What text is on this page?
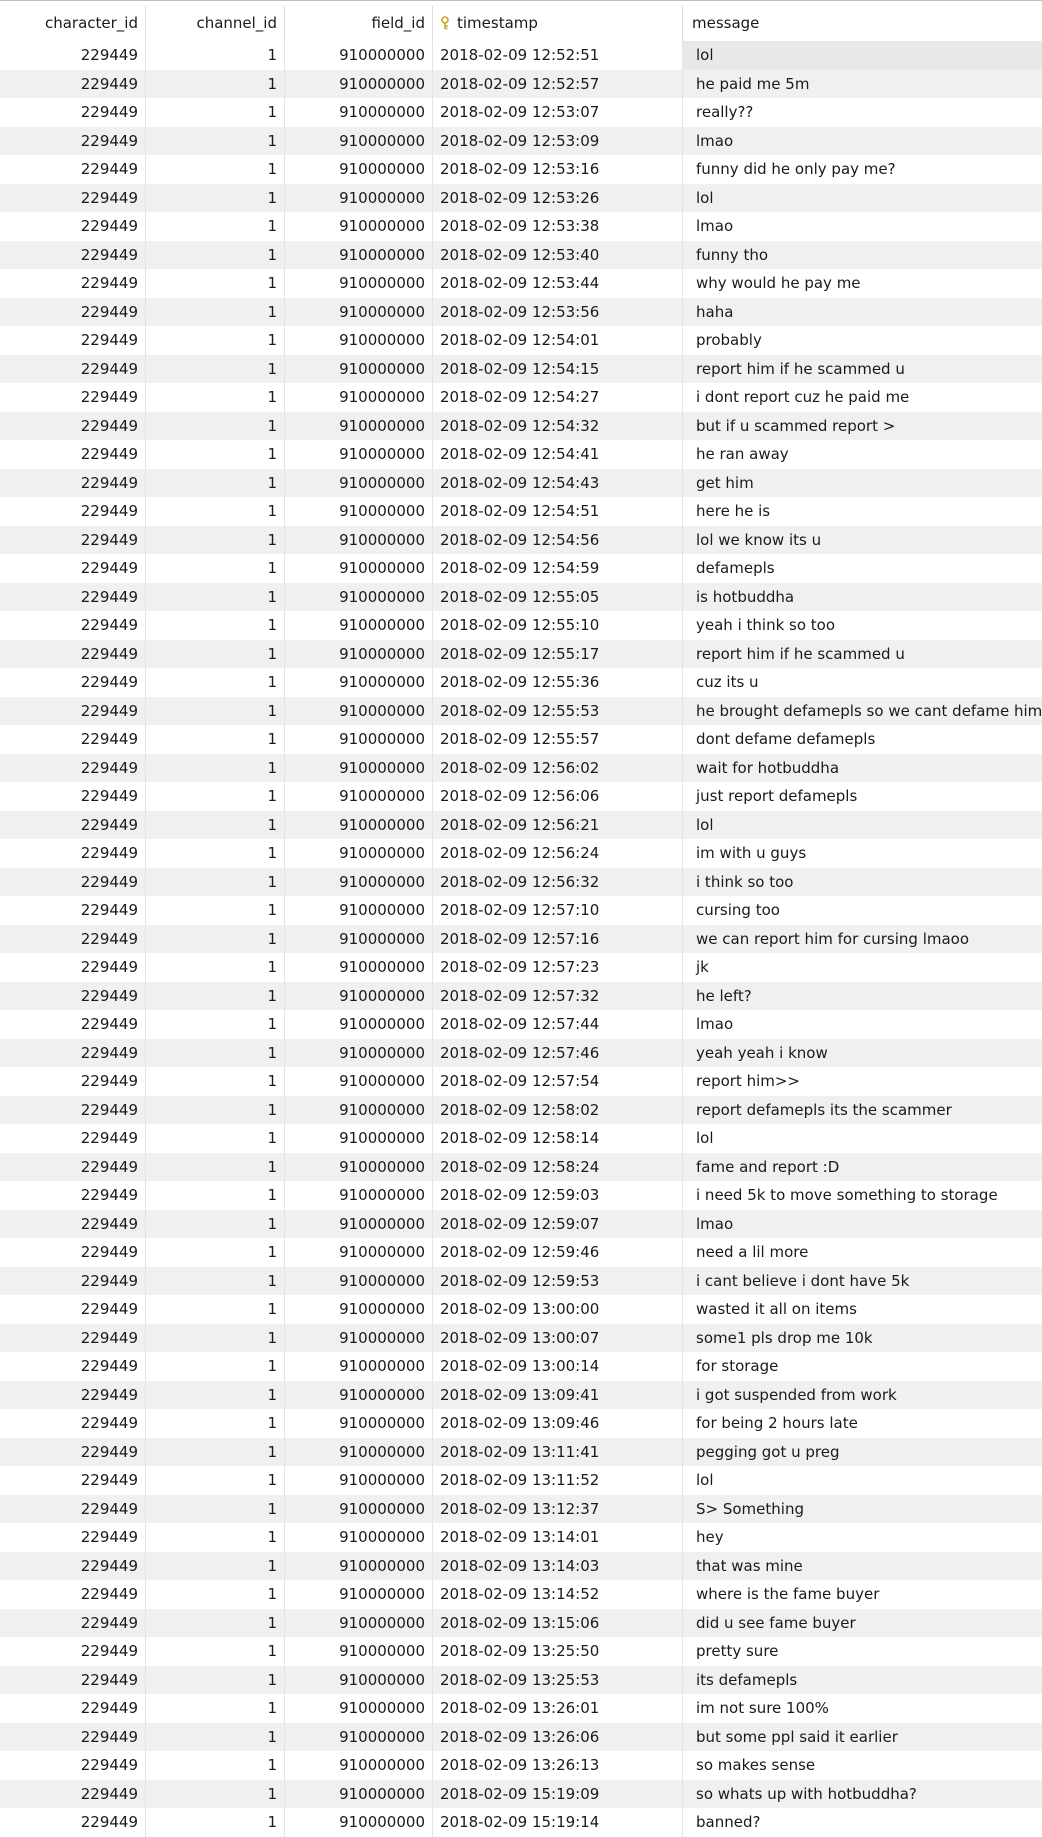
character_id	channel_id	field_id	timestamp	message
229449	1	910000000	2018-02-09 12:52:51	lol
229449	1	910000000	2018-02-09 12:52:57	he paid me 5m
229449	1	910000000	2018-02-09 12:53:07	really??
229449	1	910000000	2018-02-09 12:53:09	lmao
229449	1	910000000	2018-02-09 12:53:16	funny did he only pay me?
229449	1	910000000	2018-02-09 12:53:26	lol
229449	1	910000000	2018-02-09 12:53:38	lmao
229449	1	910000000	2018-02-09 12:53:40	funny tho
229449	1	910000000	2018-02-09 12:53:44	why would he pay me
229449	1	910000000	2018-02-09 12:53:56	haha
229449	1	910000000	2018-02-09 12:54:01	probably
229449	1	910000000	2018-02-09 12:54:15	report him if he scammed u
229449	1	910000000	2018-02-09 12:54:27	i dont report cuz he paid me
229449	1	910000000	2018-02-09 12:54:32	but if u scammed report >
229449	1	910000000	2018-02-09 12:54:41	he ran away
229449	1	910000000	2018-02-09 12:54:43	get him
229449	1	910000000	2018-02-09 12:54:51	here he is
229449	1	910000000	2018-02-09 12:54:56	lol we know its u
229449	1	910000000	2018-02-09 12:54:59	defamepls
229449	1	910000000	2018-02-09 12:55:05	is hotbuddha
229449	1	910000000	2018-02-09 12:55:10	yeah i think so too
229449	1	910000000	2018-02-09 12:55:17	report him if he scammed u
229449	1	910000000	2018-02-09 12:55:36	cuz its u
229449	1	910000000	2018-02-09 12:55:53	he brought defamepls so we cant defame him
229449	1	910000000	2018-02-09 12:55:57	dont defame defamepls
229449	1	910000000	2018-02-09 12:56:02	wait for hotbuddha
229449	1	910000000	2018-02-09 12:56:06	just report defamepls
229449	1	910000000	2018-02-09 12:56:21	lol
229449	1	910000000	2018-02-09 12:56:24	im with u guys
229449	1	910000000	2018-02-09 12:56:32	i think so too
229449	1	910000000	2018-02-09 12:57:10	cursing too
229449	1	910000000	2018-02-09 12:57:16	we can report him for cursing lmaoo
229449	1	910000000	2018-02-09 12:57:23	jk
229449	1	910000000	2018-02-09 12:57:32	he left?
229449	1	910000000	2018-02-09 12:57:44	lmao
229449	1	910000000	2018-02-09 12:57:46	yeah yeah i know
229449	1	910000000	2018-02-09 12:57:54	report him>>
229449	1	910000000	2018-02-09 12:58:02	report defamepls its the scammer
229449	1	910000000	2018-02-09 12:58:14	lol
229449	1	910000000	2018-02-09 12:58:24	fame and report :D
229449	1	910000000	2018-02-09 12:59:03	i need 5k to move something to storage
229449	1	910000000	2018-02-09 12:59:07	lmao
229449	1	910000000	2018-02-09 12:59:46	need a lil more
229449	1	910000000	2018-02-09 12:59:53	i cant believe i dont have 5k
229449	1	910000000	2018-02-09 13:00:00	wasted it all on items
229449	1	910000000	2018-02-09 13:00:07	some1 pls drop me 10k
229449	1	910000000	2018-02-09 13:00:14	for storage
229449	1	910000000	2018-02-09 13:09:41	i got suspended from work
229449	1	910000000	2018-02-09 13:09:46	for being 2 hours late
229449	1	910000000	2018-02-09 13:11:41	pegging got u preg
229449	1	910000000	2018-02-09 13:11:52	lol
229449	1	910000000	2018-02-09 13:12:37	S> Something
229449	1	910000000	2018-02-09 13:14:01	hey
229449	1	910000000	2018-02-09 13:14:03	that was mine
229449	1	910000000	2018-02-09 13:14:52	where is the fame buyer
229449	1	910000000	2018-02-09 13:15:06	did u see fame buyer
229449	1	910000000	2018-02-09 13:25:50	pretty sure
229449	1	910000000	2018-02-09 13:25:53	its defamepls
229449	1	910000000	2018-02-09 13:26:01	im not sure 100%
229449	1	910000000	2018-02-09 13:26:06	but some ppl said it earlier
229449	1	910000000	2018-02-09 13:26:13	so makes sense
229449	1	910000000	2018-02-09 15:19:09	so whats up with hotbuddha?
229449	1	910000000	2018-02-09 15:19:14	banned?
